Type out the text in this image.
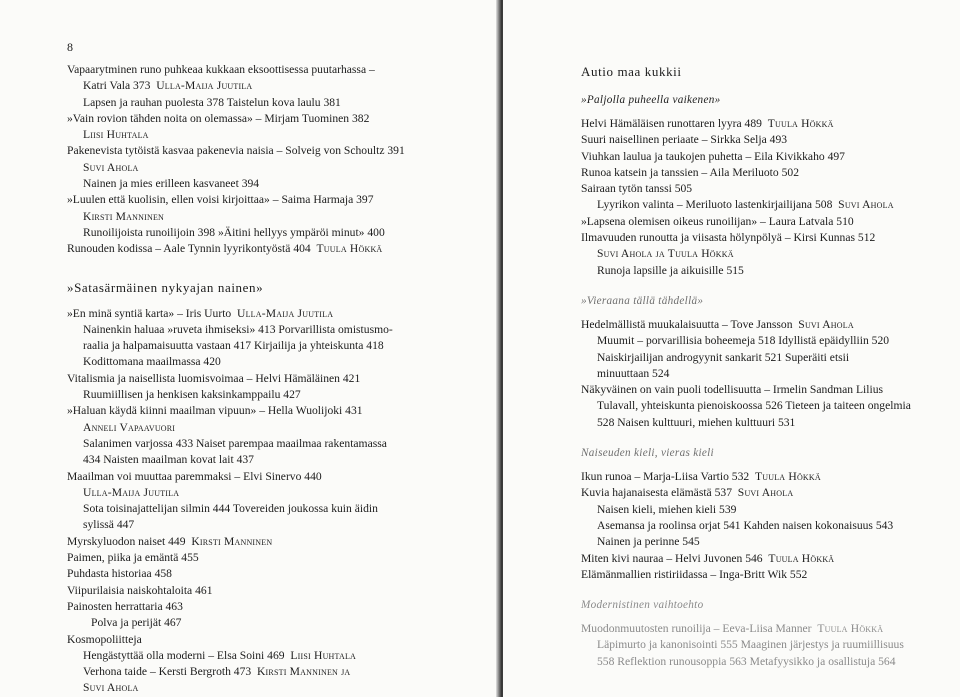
8
Vapaarytminen runo puhkeaa kukkaan eksoottisessa puutarhassa –
Katri Vala 373 Ulla-Maija Juutila
Lapsen ja rauhan puolesta 378 Taistelun kova laulu 381
»Vain rovion tähden noita on olemassa» – Mirjam Tuominen 382
Liisi Huhtala
Pakenevista tytöistä kasvaa pakenevia naisia – Solveig von Schoultz 391
Suvi Ahola
Nainen ja mies erilleen kasvaneet 394
»Luulen että kuolisin, ellen voisi kirjoittaa» – Saima Harmaja 397
Kirsti Manninen
Runoilijoista runoilijoin 398 »Äitini hellyys ympäröi minut» 400
Runouden kodissa – Aale Tynnin lyyrikontyöstä 404 Tuula Hökkä
»Satasärmäinen nykyajan nainen»
»En minä syntiä karta» – Iris Uurto Ulla-Maija Juutila
Nainenkin haluaa »ruveta ihmiseksi» 413 Porvarillista omistusmo-
raalia ja halpamaisuutta vastaan 417 Kirjailija ja yhteiskunta 418
Kodittomana maailmassa 420
Vitalismia ja naisellista luomisvoimaa – Helvi Hämäläinen 421
Ruumiillisen ja henkisen kaksinkamppailu 427
»Haluan käydä kiinni maailman vipuun» – Hella Wuolijoki 431
Anneli Vapaavuori
Salanimen varjossa 433 Naiset parempaa maailmaa rakentamassa
434 Naisten maailman kovat lait 437
Maailman voi muuttaa paremmaksi – Elvi Sinervo 440
Ulla-Maija Juutila
Sota toisinajattelijan silmin 444 Tovereiden joukossa kuin äidin
sylissä 447
Myrskyluodon naiset 449 Kirsti Manninen
Paimen, piika ja emäntä 455
Puhdasta historiaa 458
Viipurilaisia naiskohtaloita 461
Painosten herrattaria 463
Polva ja perijät 467
Kosmopoliitteja
Hengästyttää olla moderni – Elsa Soini 469 Liisi Huhtala
Verhona taide – Kersti Bergroth 473 Kirsti Manninen ja
Suvi Ahola
Autio maa kukkii
»Paljolla puheella vaikenen»
Helvi Hämäläisen runottaren lyyra 489 Tuula Hökkä
Suuri naisellinen periaate – Sirkka Selja 493
Viuhkan laulua ja taukojen puhetta – Eila Kivikkaho 497
Runoa katsein ja tanssien – Aila Meriluoto 502
Sairaan tytön tanssi 505
Lyyrikon valinta – Meriluoto lastenkirjailijana 508 Suvi Ahola
»Lapsena olemisen oikeus runoilijan» – Laura Latvala 510
Ilmavuuden runoutta ja viisasta hölynpölyä – Kirsi Kunnas 512
Suvi Ahola ja Tuula Hökkä
Runoja lapsille ja aikuisille 515
»Vieraana tällä tähdellä»
Hedelmällistä muukalaisuutta – Tove Jansson Suvi Ahola
Muumit – porvarillisia boheemeja 518 Idyllistä epäidylliin 520
Naiskirjailijan androgyynit sankarit 521 Superäiti etsii
minuuttaan 524
Näkyväinen on vain puoli todellisuutta – Irmelin Sandman Lilius
Tulavall, yhteiskunta pienoiskoossa 526 Tieteen ja taiteen ongelmia
528 Naisen kulttuuri, miehen kulttuuri 531
Naiseuden kieli, vieras kieli
Ikun runoa – Marja-Liisa Vartio 532 Tuula Hökkä
Kuvia hajanaisesta elämästä 537 Suvi Ahola
Naisen kieli, miehen kieli 539
Asemansa ja roolinsa orjat 541 Kahden naisen kokonaisuus 543
Nainen ja perinne 545
Miten kivi nauraa – Helvi Juvonen 546 Tuula Hökkä
Elämänmallien ristiriidassa – Inga-Britt Wik 552
Modernistinen vaihtoehto
Muodonmuutosten runoilija – Eeva-Liisa Manner Tuula Hökkä
Läpimurto ja kanonisointi 555 Maaginen järjestys ja ruumiillisuus
558 Reflektion runousoppia 563 Metafyysikko ja osallistuja 564
